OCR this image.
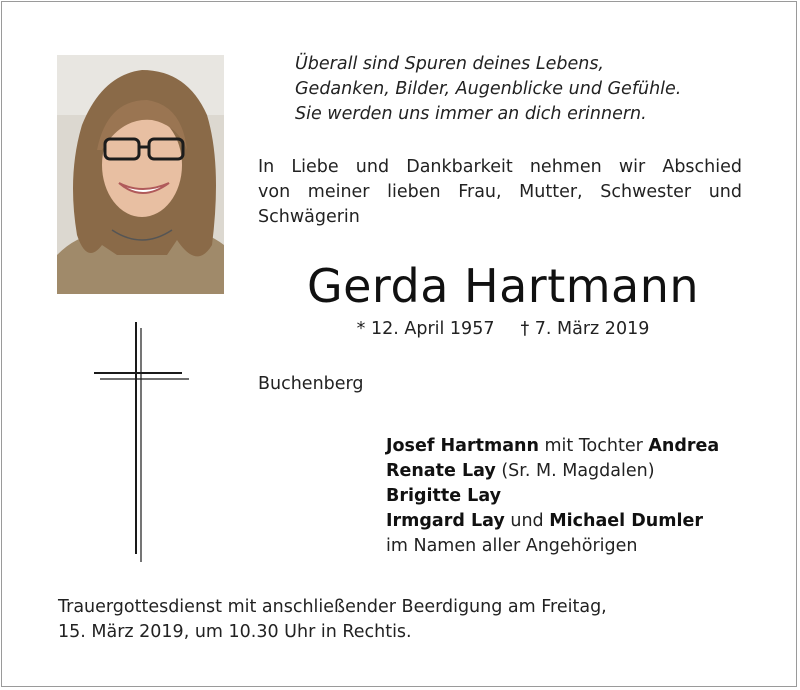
Überall sind Spuren deines Lebens,
Gedanken, Bilder, Augenblicke und Gefühle.
Sie werden uns immer an dich erinnern.
In Liebe und Dankbarkeit nehmen wir Abschied
von meiner lieben Frau, Mutter, Schwester und
Schwägerin
Gerda Hartmann
* 12. April 1957 † 7. März 2019
Buchenberg
Josef Hartmann mit Tochter Andrea
Renate Lay (Sr. M. Magdalen)
Brigitte Lay
Irmgard Lay und Michael Dumler
im Namen aller Angehörigen
Trauergottesdienst mit anschließender Beerdigung am Freitag,
15. März 2019, um 10.30 Uhr in Rechtis.
